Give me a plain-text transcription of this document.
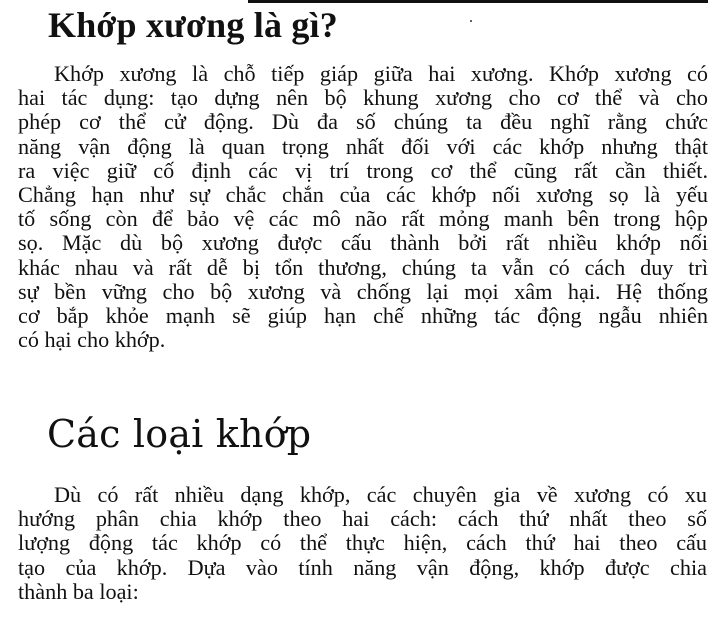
Khớp xương là gì?

Khớp xương là chỗ tiếp giáp giữa hai xương. Khớp xương có
hai tác dụng: tạo dựng nên bộ khung xương cho cơ thể và cho
phép cơ thể cử động. Dù đa số chúng ta đều nghĩ rằng chức
năng vận động là quan trọng nhất đối với các khớp nhưng thật
ra việc giữ cố định các vị trí trong cơ thể cũng rất cần thiết.
Chẳng hạn như sự chắc chắn của các khớp nối xương sọ là yếu
tố sống còn để bảo vệ các mô não rất mỏng manh bên trong hộp
sọ. Mặc dù bộ xương được cấu thành bởi rất nhiều khớp nối
khác nhau và rất dễ bị tổn thương, chúng ta vẫn có cách duy trì
sự bền vững cho bộ xương và chống lại mọi xâm hại. Hệ thống
cơ bắp khỏe mạnh sẽ giúp hạn chế những tác động ngẫu nhiên
có hại cho khớp.

Các loại khớp

Dù có rất nhiều dạng khớp, các chuyên gia về xương có xu
hướng phân chia khớp theo hai cách: cách thứ nhất theo số
lượng động tác khớp có thể thực hiện, cách thứ hai theo cấu
tạo của khớp. Dựa vào tính năng vận động, khớp được chia
thành ba loại:
